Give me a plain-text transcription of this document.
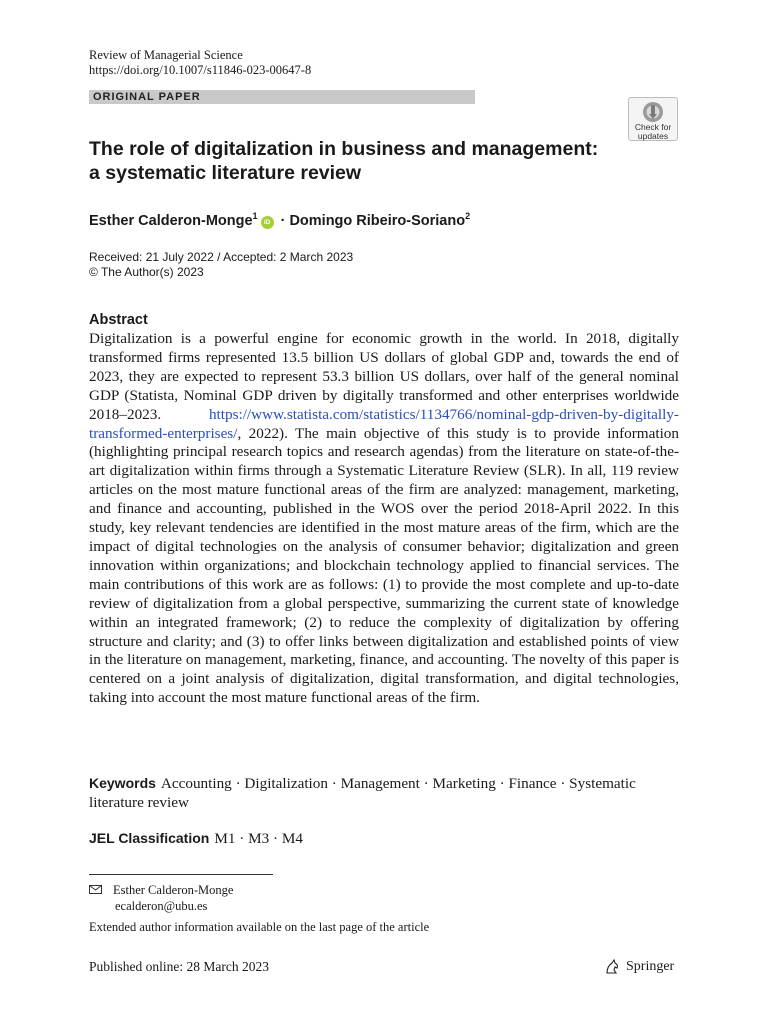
Review of Managerial Science
https://doi.org/10.1007/s11846-023-00647-8
ORIGINAL PAPER
Check for
updates
The role of digitalization in business and management:
a systematic literature review
Esther Calderon-Monge$^1$iD · Domingo Ribeiro-Soriano$^2$
Received: 21 July 2022 / Accepted: 2 March 2023
© The Author(s) 2023
Abstract
Digitalization is a powerful engine for economic growth in the world. In 2018, digitally transformed firms represented 13.5 billion US dollars of global GDP and, towards the end of 2023, they are expected to represent 53.3 billion US dollars, over half of the general nominal GDP (Statista, Nominal GDP driven by digitally transformed and other enterprises worldwide 2018–2023. https://www.statista.com/statistics/1134766/nominal-gdp-driven-by-digitally-transformed-enterprises/, 2022). The main objective of this study is to provide information (highlighting principal research topics and research agendas) from the literature on state-of-the-art digitalization within firms through a Systematic Literature Review (SLR). In all, 119 review articles on the most mature functional areas of the firm are analyzed: management, marketing, and finance and accounting, published in the WOS over the period 2018-April 2022. In this study, key relevant tendencies are identified in the most mature areas of the firm, which are the impact of digital technologies on the analysis of consumer behavior; digitalization and green innovation within organizations; and blockchain technology applied to financial services. The main contributions of this work are as follows: (1) to provide the most complete and up-to-date review of digitalization from a global perspective, summarizing the current state of knowledge within an integrated framework; (2) to reduce the complexity of digitalization by offering structure and clarity; and (3) to offer links between digitalization and established points of view in the literature on management, marketing, finance, and accounting. The novelty of this paper is centered on a joint analysis of digitalization, digital transformation, and digital technologies, taking into account the most mature functional areas of the firm.
Keywords Accounting · Digitalization · Management · Marketing · Finance · Systematic literature review
JEL Classification M1 · M3 · M4
Esther Calderon-Monge
ecalderon@ubu.es
Extended author information available on the last page of the article
Published online: 28 March 2023	Springer
